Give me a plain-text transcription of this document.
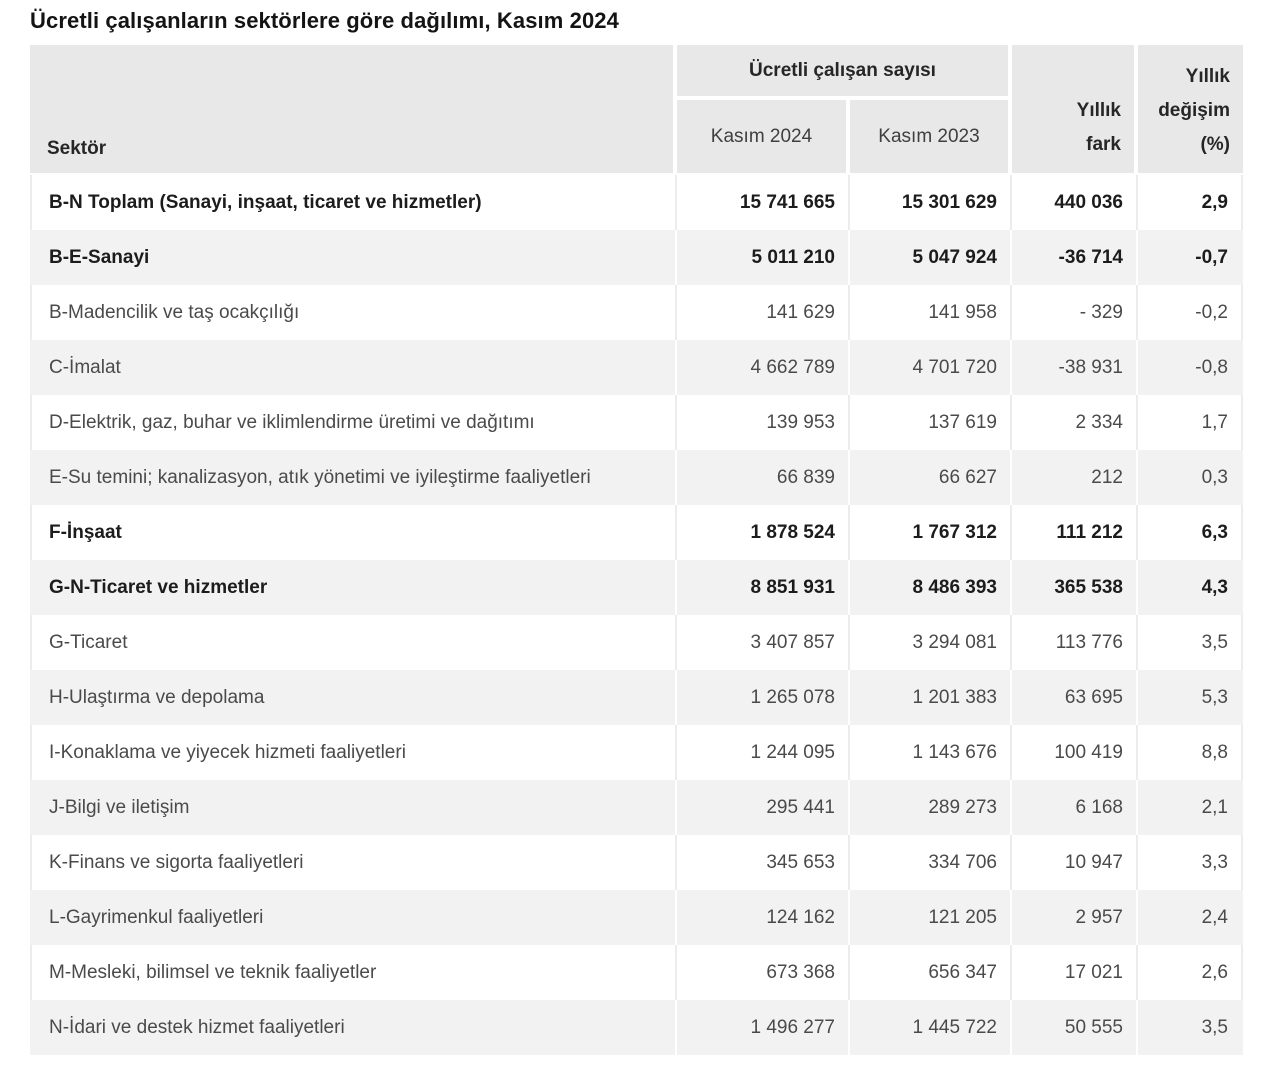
Ücretli çalışanların sektörlere göre dağılımı, Kasım 2024
Sektör
Ücretli çalışan sayısı
Kasım 2024	Kasım 2023
Yıllık fark
Yıllık değişim (%)
B-N Toplam (Sanayi, inşaat, ticaret ve hizmetler)	15 741 665	15 301 629	440 036	2,9
B-E-Sanayi	5 011 210	5 047 924	-36 714	-0,7
B-Madencilik ve taş ocakçılığı	141 629	141 958	- 329	-0,2
C-İmalat	4 662 789	4 701 720	-38 931	-0,8
D-Elektrik, gaz, buhar ve iklimlendirme üretimi ve dağıtımı	139 953	137 619	2 334	1,7
E-Su temini; kanalizasyon, atık yönetimi ve iyileştirme faaliyetleri	66 839	66 627	212	0,3
F-İnşaat	1 878 524	1 767 312	111 212	6,3
G-N-Ticaret ve hizmetler	8 851 931	8 486 393	365 538	4,3
G-Ticaret	3 407 857	3 294 081	113 776	3,5
H-Ulaştırma ve depolama	1 265 078	1 201 383	63 695	5,3
I-Konaklama ve yiyecek hizmeti faaliyetleri	1 244 095	1 143 676	100 419	8,8
J-Bilgi ve iletişim	295 441	289 273	6 168	2,1
K-Finans ve sigorta faaliyetleri	345 653	334 706	10 947	3,3
L-Gayrimenkul faaliyetleri	124 162	121 205	2 957	2,4
M-Mesleki, bilimsel ve teknik faaliyetler	673 368	656 347	17 021	2,6
N-İdari ve destek hizmet faaliyetleri	1 496 277	1 445 722	50 555	3,5
